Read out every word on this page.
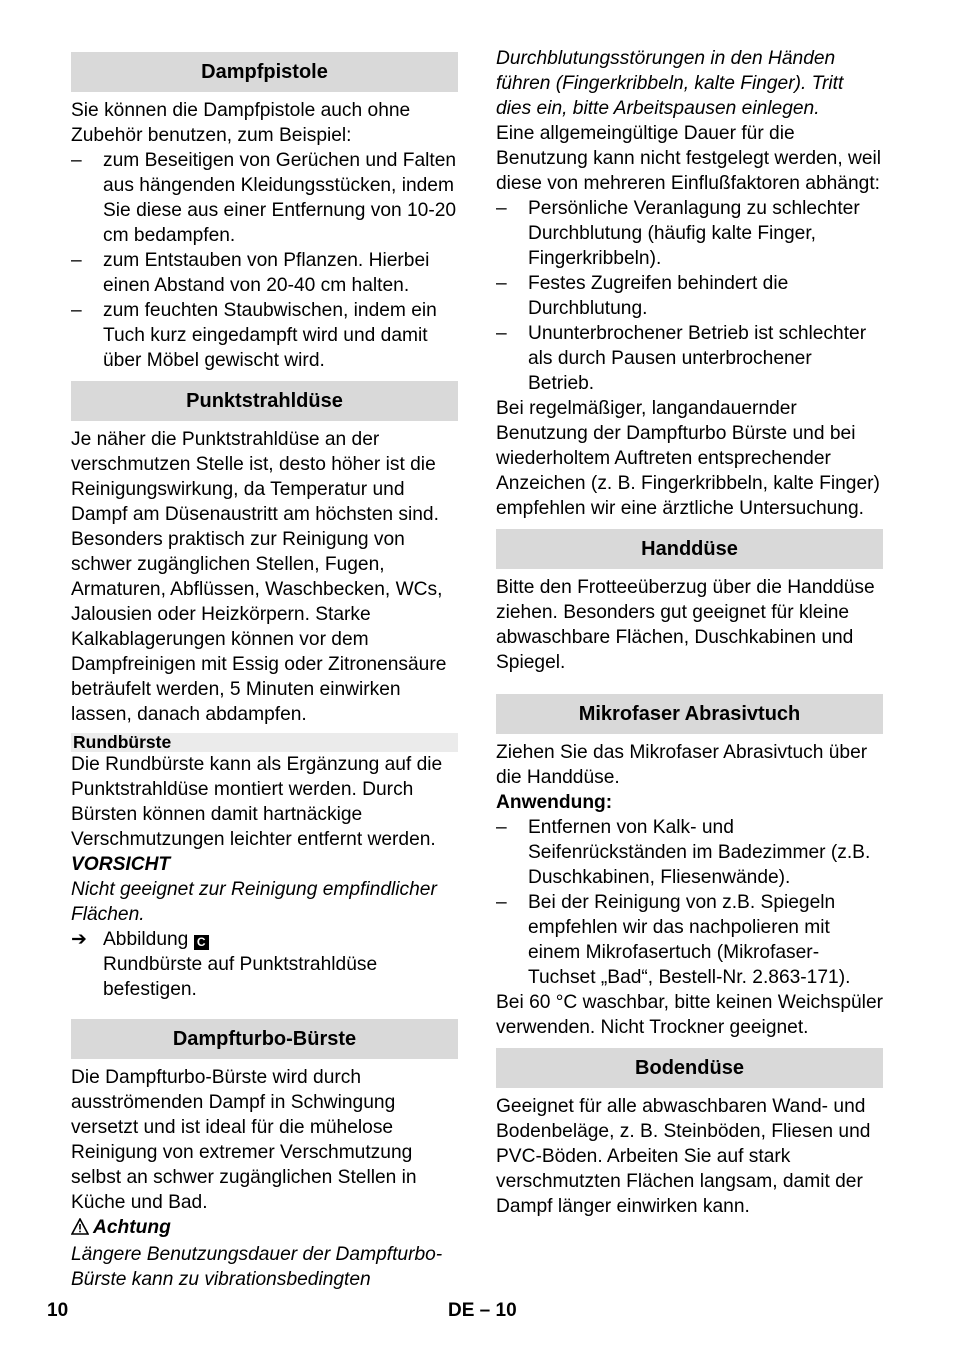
Dampfpistole

Sie können die Dampfpistole auch ohne Zubehör benutzen, zum Beispiel:

–	zum Beseitigen von Gerüchen und Falten aus hängenden Kleidungsstücken, indem Sie diese aus einer Entfernung von 10-20 cm bedampfen.
–	zum Entstauben von Pflanzen. Hierbei einen Abstand von 20-40 cm halten.
–	zum feuchten Staubwischen, indem ein Tuch kurz eingedampft wird und damit über Möbel gewischt wird.
Punktstrahldüse

Je näher die Punktstrahldüse an der verschmutzen Stelle ist, desto höher ist die Reinigungswirkung, da Temperatur und Dampf am Düsenaustritt am höchsten sind. Besonders praktisch zur Reinigung von schwer zugänglichen Stellen, Fugen, Armaturen, Abflüssen, Waschbecken, WCs, Jalousien oder Heizkörpern. Starke Kalkablagerungen können vor dem Dampfreinigen mit Essig oder Zitronensäure beträufelt werden, 5 Minuten einwirken lassen, danach abdampfen.

Rundbürste

Die Rundbürste kann als Ergänzung auf die Punktstrahldüse montiert werden. Durch Bürsten können damit hartnäckige Verschmutzungen leichter entfernt werden.

VORSICHT

Nicht geeignet zur Reinigung empfindlicher Flächen.

➔ Abbildung C
Rundbürste auf Punktstrahldüse befestigen.
Dampfturbo-Bürste

Die Dampfturbo-Bürste wird durch ausströmenden Dampf in Schwingung versetzt und ist ideal für die mühelose Reinigung von extremer Verschmutzung selbst an schwer zugänglichen Stellen in Küche und Bad.

Achtung

Längere Benutzungsdauer der Dampfturbo-Bürste kann zu vibrationsbedingten

Durchblutungsstörungen in den Händen führen (Fingerkribbeln, kalte Finger). Tritt dies ein, bitte Arbeitspausen einlegen.

Eine allgemeingültige Dauer für die Benutzung kann nicht festgelegt werden, weil diese von mehreren Einflußfaktoren abhängt:

–	Persönliche Veranlagung zu schlechter Durchblutung (häufig kalte Finger, Fingerkribbeln).
–	Festes Zugreifen behindert die Durchblutung.
–	Ununterbrochener Betrieb ist schlechter als durch Pausen unterbrochener Betrieb.

Bei regelmäßiger, langandauernder Benutzung der Dampfturbo Bürste und bei wiederholtem Auftreten entsprechender Anzeichen (z. B. Fingerkribbeln, kalte Finger) empfehlen wir eine ärztliche Untersuchung.

Handdüse

Bitte den Frotteeüberzug über die Handdüse ziehen. Besonders gut geeignet für kleine abwaschbare Flächen, Duschkabinen und Spiegel.

Mikrofaser Abrasivtuch

Ziehen Sie das Mikrofaser Abrasivtuch über die Handdüse.

Anwendung:

–	Entfernen von Kalk- und Seifenrückständen im Badezimmer (z.B. Duschkabinen, Fliesenwände).
–	Bei der Reinigung von z.B. Spiegeln empfehlen wir das nachpolieren mit einem Mikrofasertuch (Mikrofaser-Tuchset „Bad“, Bestell-Nr. 2.863-171).

Bei 60 °C waschbar, bitte keinen Weichspüler verwenden. Nicht Trockner geeignet.

Bodendüse

Geeignet für alle abwaschbaren Wand- und Bodenbeläge, z. B. Steinböden, Fliesen und PVC-Böden. Arbeiten Sie auf stark verschmutzten Flächen langsam, damit der Dampf länger einwirken kann.

10	DE – 10
